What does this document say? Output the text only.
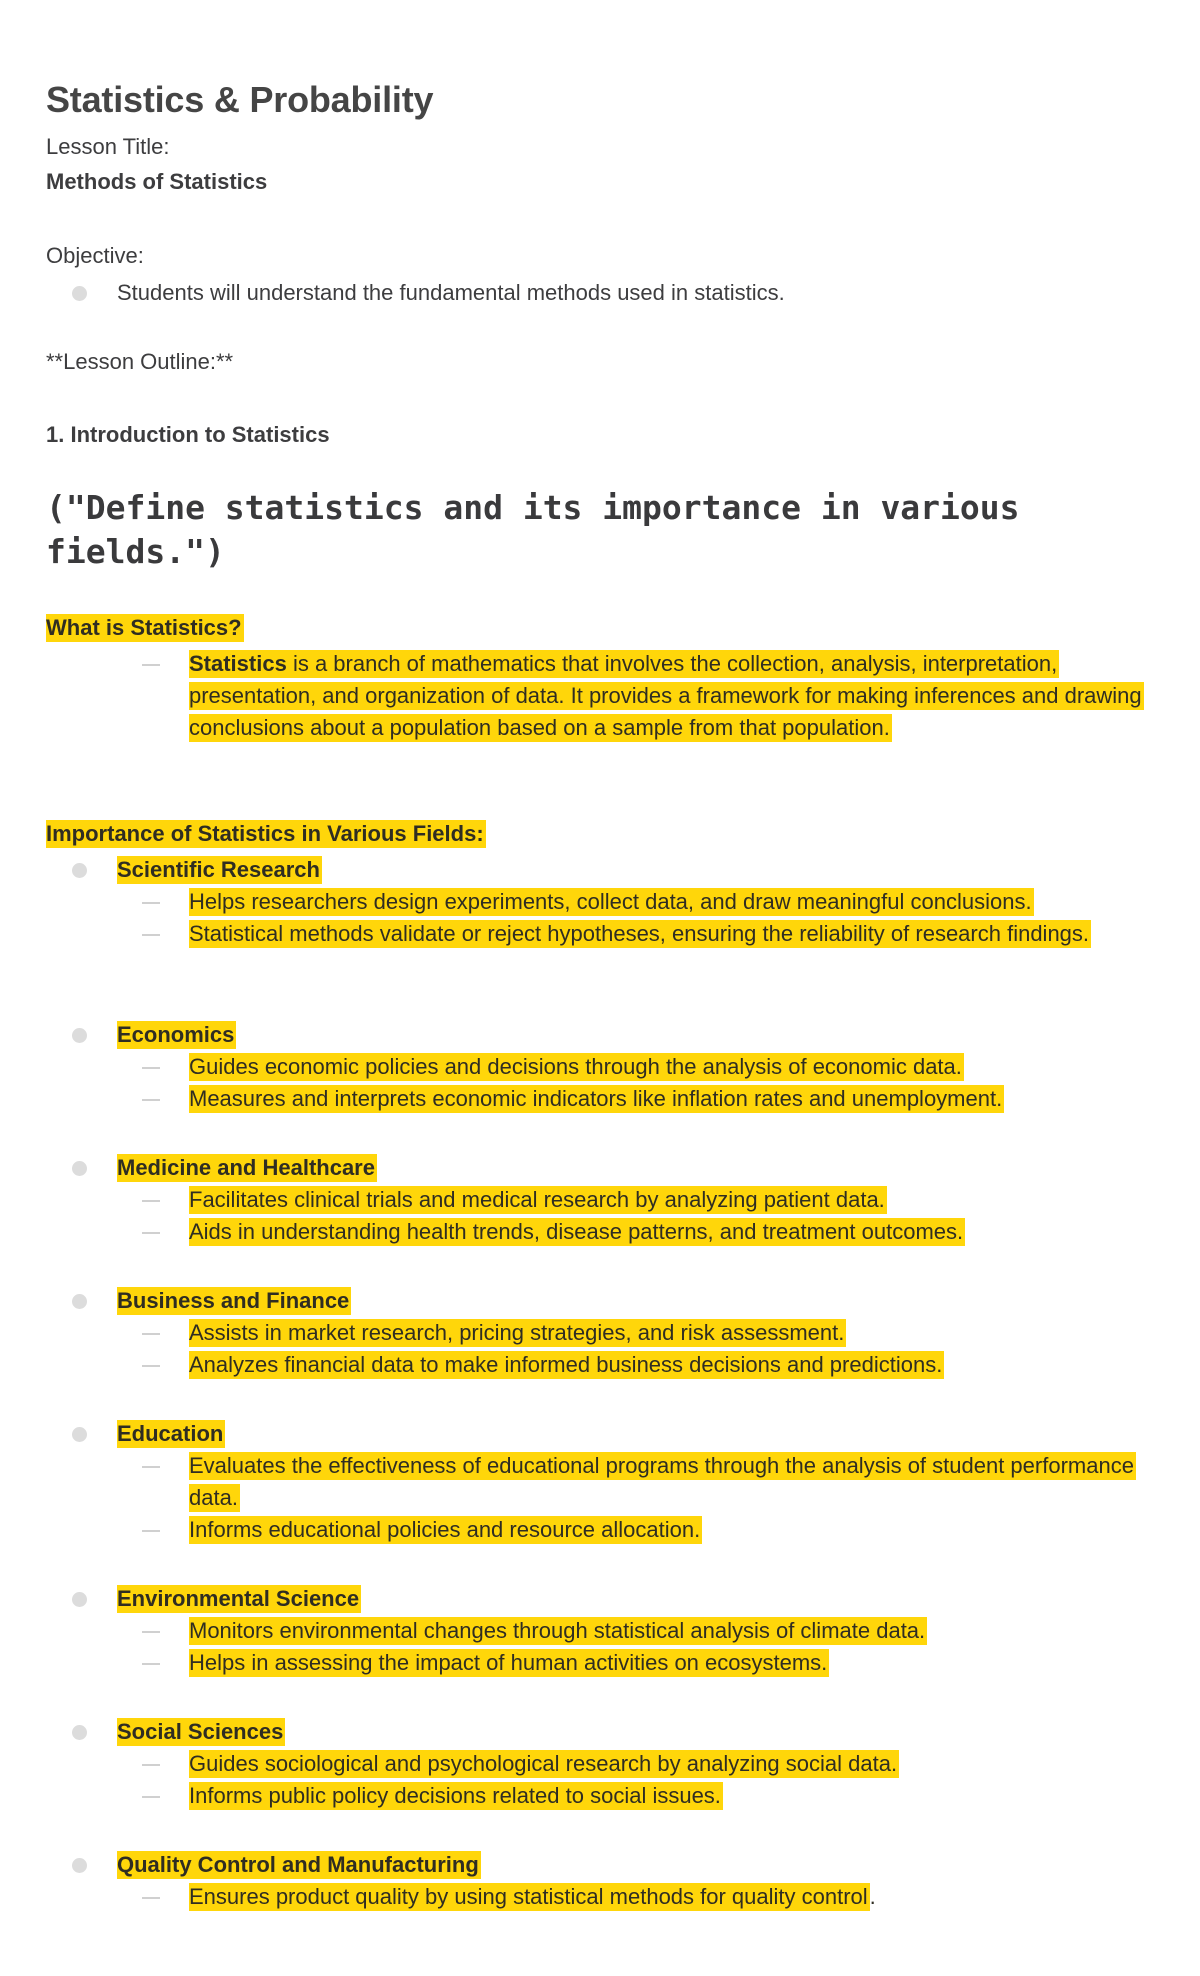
Statistics & Probability
Lesson Title:
Methods of Statistics
Objective:
Students will understand the fundamental methods used in statistics.
**Lesson Outline:**
1. Introduction to Statistics
("Define statistics and its importance in various fields.")
What is Statistics?
Statistics is a branch of mathematics that involves the collection, analysis, interpretation, presentation, and organization of data. It provides a framework for making inferences and drawing conclusions about a population based on a sample from that population.
Importance of Statistics in Various Fields:
Scientific Research
Helps researchers design experiments, collect data, and draw meaningful conclusions.
Statistical methods validate or reject hypotheses, ensuring the reliability of research findings.
Economics
Guides economic policies and decisions through the analysis of economic data.
Measures and interprets economic indicators like inflation rates and unemployment.
Medicine and Healthcare
Facilitates clinical trials and medical research by analyzing patient data.
Aids in understanding health trends, disease patterns, and treatment outcomes.
Business and Finance
Assists in market research, pricing strategies, and risk assessment.
Analyzes financial data to make informed business decisions and predictions.
Education
Evaluates the effectiveness of educational programs through the analysis of student performance data.
Informs educational policies and resource allocation.
Environmental Science
Monitors environmental changes through statistical analysis of climate data.
Helps in assessing the impact of human activities on ecosystems.
Social Sciences
Guides sociological and psychological research by analyzing social data.
Informs public policy decisions related to social issues.
Quality Control and Manufacturing
Ensures product quality by using statistical methods for quality control.
